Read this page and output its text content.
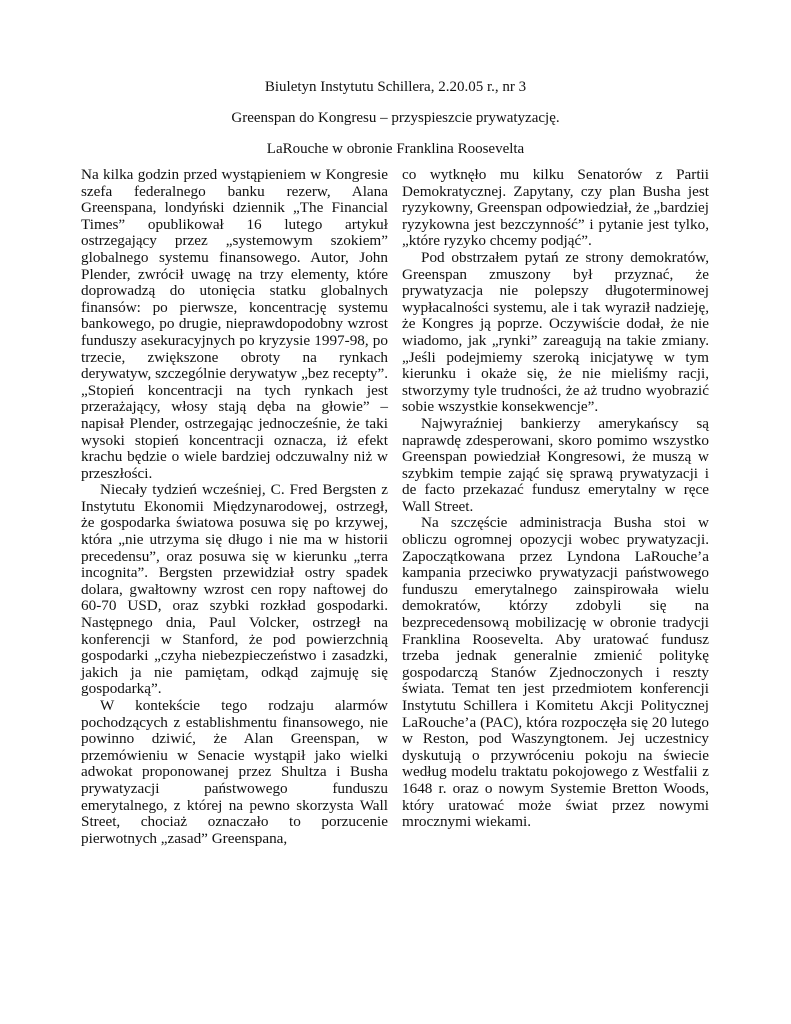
Biuletyn Instytutu Schillera, 2.20.05 r., nr 3

Greenspan do Kongresu – przyspieszcie prywatyzację.
LaRouche w obronie Franklina Roosevelta

Na kilka godzin przed wystąpieniem w Kongresie szefa federalnego banku rezerw, Alana Greenspana, londyński dziennik „The Financial Times” opublikował 16 lutego artykuł ostrzegający przez „systemowym szokiem” globalnego systemu finansowego. Autor, John Plender, zwrócił uwagę na trzy elementy, które doprowadzą do utonięcia statku globalnych finansów: po pierwsze, koncentrację systemu bankowego, po drugie, nieprawdopodobny wzrost funduszy asekuracyjnych po kryzysie 1997-98, po trzecie, zwiększone obroty na rynkach derywatyw, szczególnie derywatyw „bez recepty”. „Stopień koncentracji na tych rynkach jest przerażający, włosy stają dęba na głowie” – napisał Plender, ostrzegając jednocześnie, że taki wysoki stopień koncentracji oznacza, iż efekt krachu będzie o wiele bardziej odczuwalny niż w przeszłości.

Niecały tydzień wcześniej, C. Fred Bergsten z Instytutu Ekonomii Międzynarodowej, ostrzegł, że gospodarka światowa posuwa się po krzywej, która „nie utrzyma się długo i nie ma w historii precedensu”, oraz posuwa się w kierunku „terra incognita”. Bergsten przewidział ostry spadek dolara, gwałtowny wzrost cen ropy naftowej do 60-70 USD, oraz szybki rozkład gospodarki. Następnego dnia, Paul Volcker, ostrzegł na konferencji w Stanford, że pod powierzchnią gospodarki „czyha niebezpieczeństwo i zasadzki, jakich ja nie pamiętam, odkąd zajmuję się gospodarką”.

W kontekście tego rodzaju alarmów pochodzących z establishmentu finansowego, nie powinno dziwić, że Alan Greenspan, w przemówieniu w Senacie wystąpił jako wielki adwokat proponowanej przez Shultza i Busha prywatyzacji państwowego funduszu emerytalnego, z której na pewno skorzysta Wall Street, chociaż oznaczało to porzucenie pierwotnych „zasad” Greenspana,

co wytknęło mu kilku Senatorów z Partii Demokratycznej. Zapytany, czy plan Busha jest ryzykowny, Greenspan odpowiedział, że „bardziej ryzykowna jest bezczynność” i pytanie jest tylko, „które ryzyko chcemy podjąć”.

Pod obstrzałem pytań ze strony demokratów, Greenspan zmuszony był przyznać, że prywatyzacja nie polepszy długoterminowej wypłacalności systemu, ale i tak wyraził nadzieję, że Kongres ją poprze. Oczywiście dodał, że nie wiadomo, jak „rynki” zareagują na takie zmiany. „Jeśli podejmiemy szeroką inicjatywę w tym kierunku i okaże się, że nie mieliśmy racji, stworzymy tyle trudności, że aż trudno wyobrazić sobie wszystkie konsekwencje”.

Najwyraźniej bankierzy amerykańscy są naprawdę zdesperowani, skoro pomimo wszystko Greenspan powiedział Kongresowi, że muszą w szybkim tempie zająć się sprawą prywatyzacji i de facto przekazać fundusz emerytalny w ręce Wall Street.

Na szczęście administracja Busha stoi w obliczu ogromnej opozycji wobec prywatyzacji. Zapoczątkowana przez Lyndona LaRouche’a kampania przeciwko prywatyzacji państwowego funduszu emerytalnego zainspirowała wielu demokratów, którzy zdobyli się na bezprecedensową mobilizację w obronie tradycji Franklina Roosevelta. Aby uratować fundusz trzeba jednak generalnie zmienić politykę gospodarczą Stanów Zjednoczonych i reszty świata. Temat ten jest przedmiotem konferencji Instytutu Schillera i Komitetu Akcji Politycznej LaRouche’a (PAC), która rozpoczęła się 20 lutego w Reston, pod Waszyngtonem. Jej uczestnicy dyskutują o przywróceniu pokoju na świecie według modelu traktatu pokojowego z Westfalii z 1648 r. oraz o nowym Systemie Bretton Woods, który uratować może świat przez nowymi mrocznymi wiekami.
